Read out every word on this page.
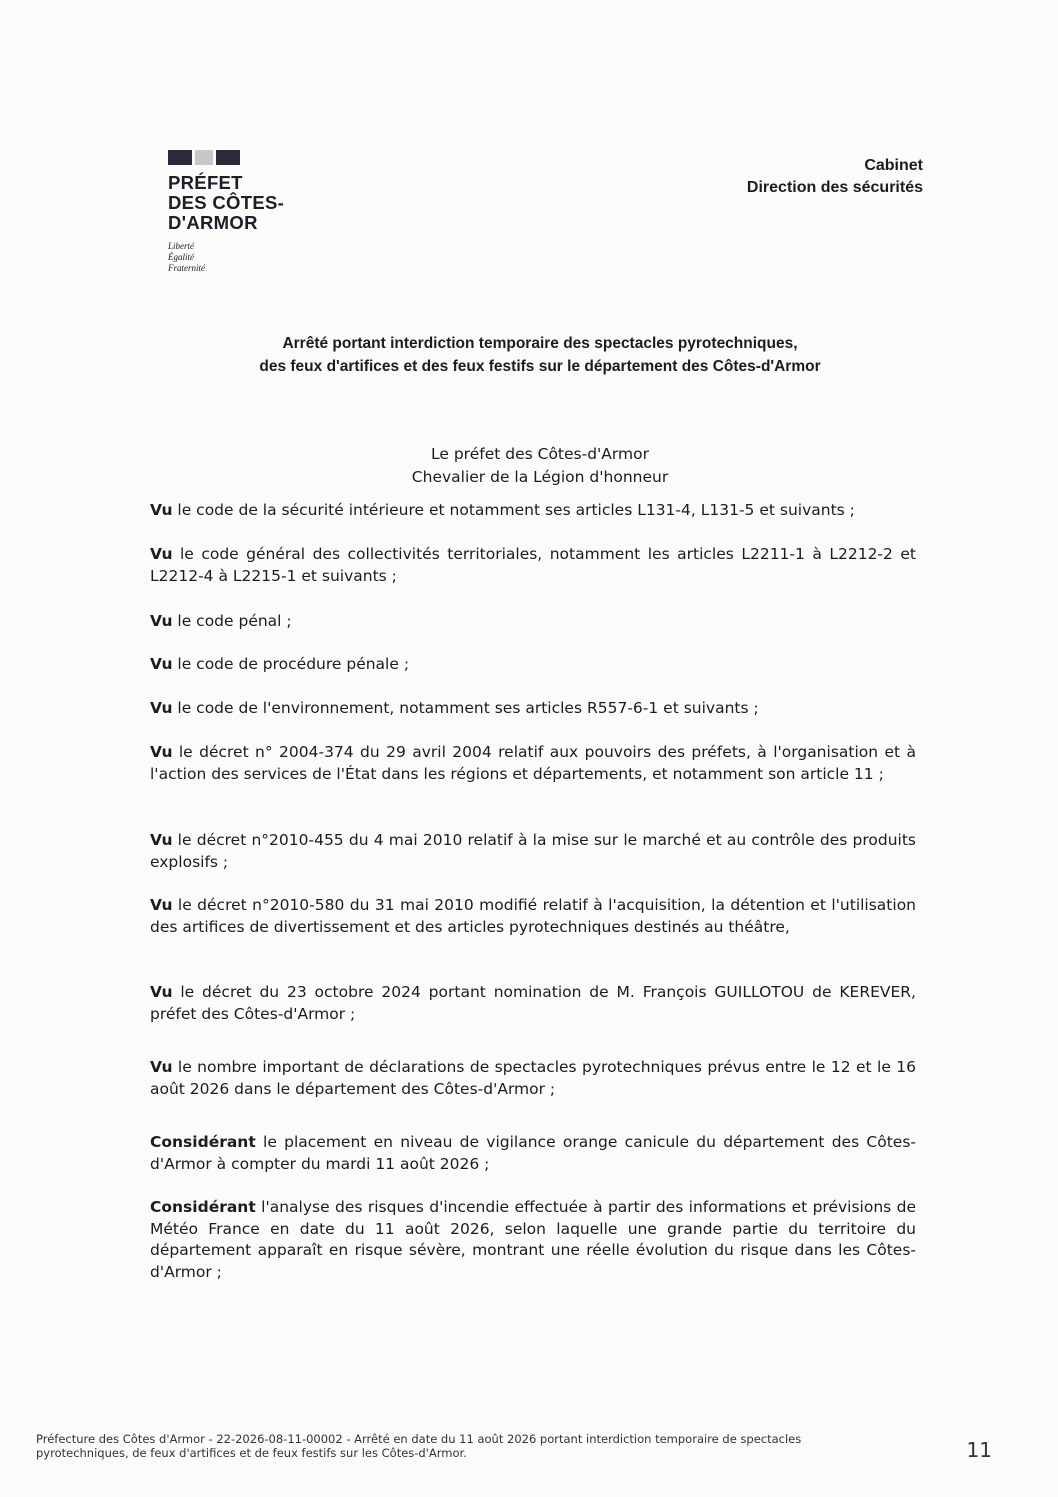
PRÉFET
DES CÔTES-
D'ARMOR
Liberté
Égalité
Fraternité
Cabinet
Direction des sécurités
Arrêté portant interdiction temporaire des spectacles pyrotechniques,
des feux d'artifices et des feux festifs sur le département des Côtes-d'Armor
Le préfet des Côtes-d'Armor
Chevalier de la Légion d'honneur

Vu le code de la sécurité intérieure et notamment ses articles L131-4, L131-5 et suivants ;

Vu le code général des collectivités territoriales, notamment les articles L2211-1 à L2212-2 et L2212-4 à L2215-1 et suivants ;

Vu le code pénal ;

Vu le code de procédure pénale ;

Vu le code de l'environnement, notamment ses articles R557-6-1 et suivants ;

Vu le décret n° 2004-374 du 29 avril 2004 relatif aux pouvoirs des préfets, à l'organisation et à l'action des services de l'État dans les régions et départements, et notamment son article 11 ;

Vu le décret n°2010-455 du 4 mai 2010 relatif à la mise sur le marché et au contrôle des produits explosifs ;

Vu le décret n°2010-580 du 31 mai 2010 modifié relatif à l'acquisition, la détention et l'utilisation des artifices de divertissement et des articles pyrotechniques destinés au théâtre,

Vu le décret du 23 octobre 2024 portant nomination de M. François GUILLOTOU de KEREVER, préfet des Côtes-d'Armor ;

Vu le nombre important de déclarations de spectacles pyrotechniques prévus entre le 12 et le 16 août 2026 dans le département des Côtes-d'Armor ;

Considérant le placement en niveau de vigilance orange canicule du département des Côtes-d'Armor à compter du mardi 11 août 2026 ;

Considérant l'analyse des risques d'incendie effectuée à partir des informations et prévisions de Météo France en date du 11 août 2026, selon laquelle une grande partie du territoire du département apparaît en risque sévère, montrant une réelle évolution du risque dans les Côtes-d'Armor ;

Préfecture des Côtes d'Armor - 22-2026-08-11-00002 - Arrêté en date du 11 août 2026 portant interdiction temporaire de spectacles
pyrotechniques, de feux d'artifices et de feux festifs sur les Côtes-d'Armor.	11
